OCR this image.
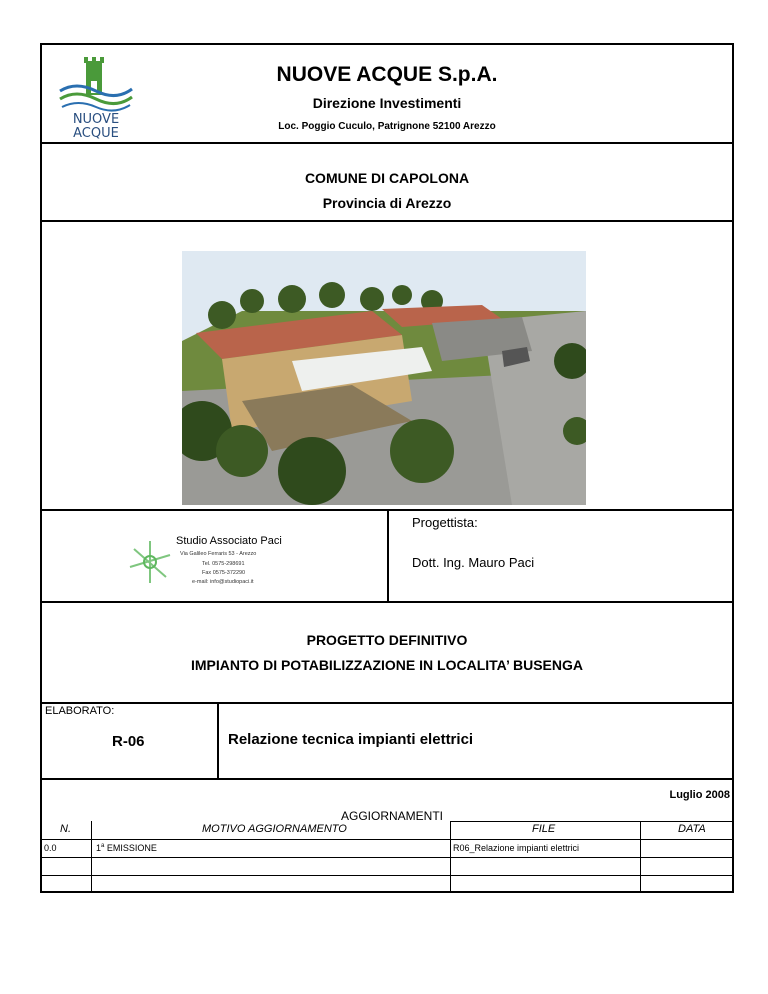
NUOVE
ACQUE
NUOVE ACQUE S.p.A.
Direzione Investimenti
Loc. Poggio Cuculo, Patrignone 52100 Arezzo
COMUNE DI CAPOLONA
Provincia di Arezzo
Studio Associato Paci
Via Galileo Ferraris 53 - Arezzo
Tel. 0575-298691
Fax 0575-372290
e-mail: info@studiopaci.it
Progettista:
Dott. Ing. Mauro Paci
PROGETTO DEFINITIVO
IMPIANTO DI POTABILIZZAZIONE IN LOCALITA’ BUSENGA
ELABORATO:
R-06	Relazione tecnica impianti elettrici
Luglio 2008
AGGIORNAMENTI
N.	MOTIVO AGGIORNAMENTO	FILE	DATA
0.0	1$^a$ EMISSIONE	R06_Relazione impianti elettrici
